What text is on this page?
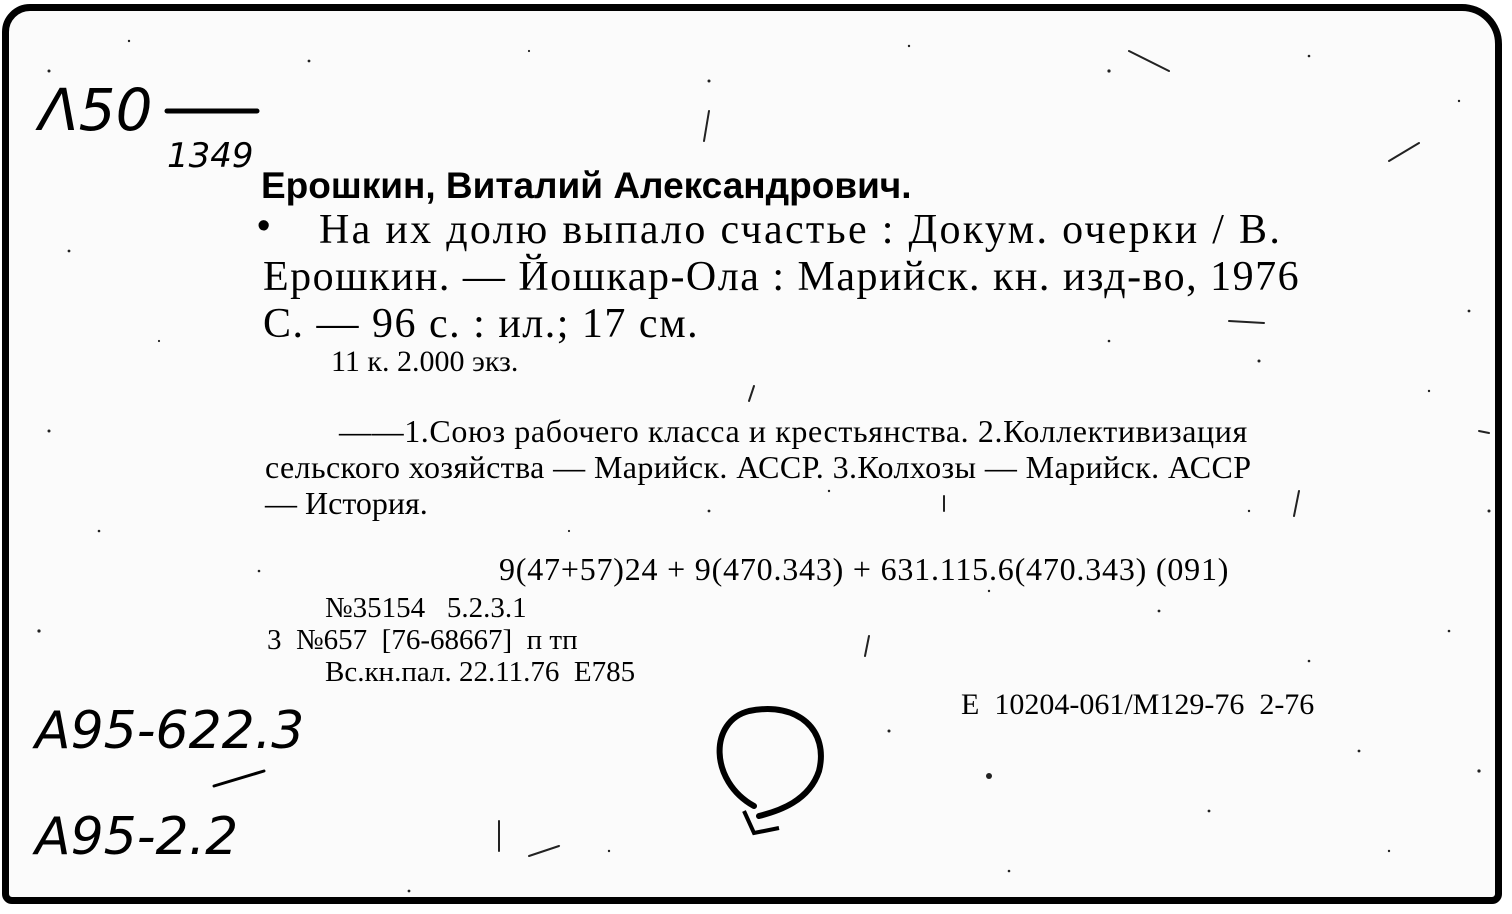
Λ50
1349
Ерошкин, Виталий Александрович.
• На их долю выпало счастье : Докум. очерки / В.
Ерошкин. — Йошкар-Ола : Марийск. кн. изд-во, 1976
С. — 96 с. : ил.; 17 см.
11 к. 2.000 экз.
——1.Союз рабочего класса и крестьянства. 2.Коллективизация
сельского хозяйства — Марийск. АССР. 3.Колхозы — Марийск. АССР
— История.
9(47+57)24 + 9(470.343) + 631.115.6(470.343) (091)
№35154   5.2.3.1
3  №657  [76-68667]  п тп
Вс.кн.пал. 22.11.76  Е785
Е  10204-061/М129-76  2-76
A95-622.3
A95-2.2
